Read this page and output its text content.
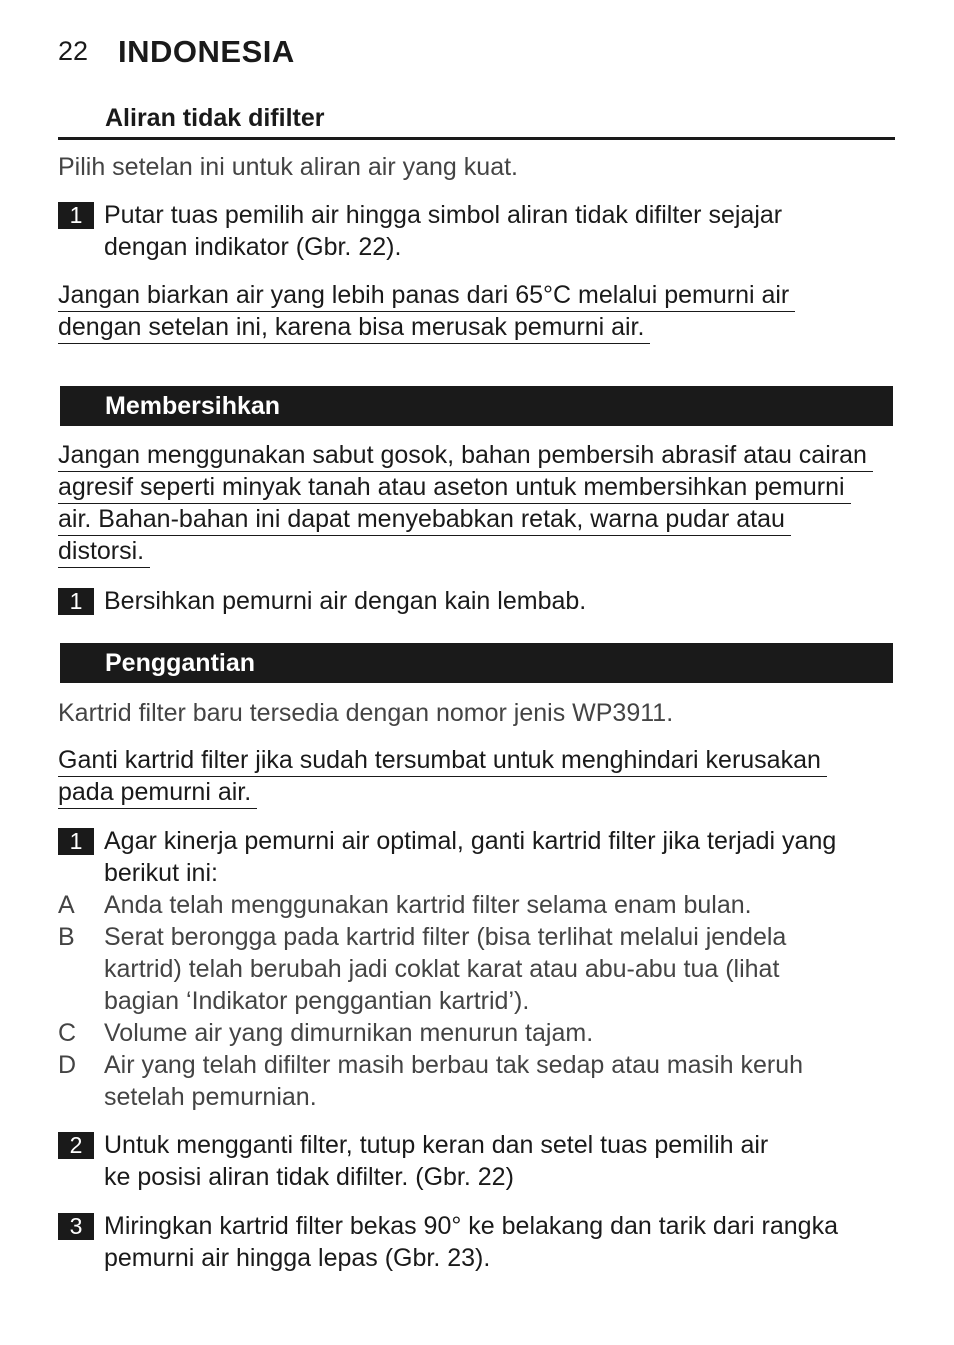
22 INDONESIA
Aliran tidak difilter
Pilih setelan ini untuk aliran air yang kuat.
1 Putar tuas pemilih air hingga simbol aliran tidak difilter sejajar
dengan indikator (Gbr. 22).
Jangan biarkan air yang lebih panas dari 65°C melalui pemurni air
dengan setelan ini, karena bisa merusak pemurni air.
Membersihkan
Jangan menggunakan sabut gosok, bahan pembersih abrasif atau cairan
agresif seperti minyak tanah atau aseton untuk membersihkan pemurni
air. Bahan-bahan ini dapat menyebabkan retak, warna pudar atau
distorsi.
1 Bersihkan pemurni air dengan kain lembab.
Penggantian
Kartrid filter baru tersedia dengan nomor jenis WP3911.
Ganti kartrid filter jika sudah tersumbat untuk menghindari kerusakan
pada pemurni air.
1 Agar kinerja pemurni air optimal, ganti kartrid filter jika terjadi yang
berikut ini:
A Anda telah menggunakan kartrid filter selama enam bulan.
B Serat berongga pada kartrid filter (bisa terlihat melalui jendela
kartrid) telah berubah jadi coklat karat atau abu-abu tua (lihat
bagian ‘Indikator penggantian kartrid’).
C Volume air yang dimurnikan menurun tajam.
D Air yang telah difilter masih berbau tak sedap atau masih keruh
setelah pemurnian.
2 Untuk mengganti filter, tutup keran dan setel tuas pemilih air
ke posisi aliran tidak difilter. (Gbr. 22)
3 Miringkan kartrid filter bekas 90° ke belakang dan tarik dari rangka
pemurni air hingga lepas (Gbr. 23).
